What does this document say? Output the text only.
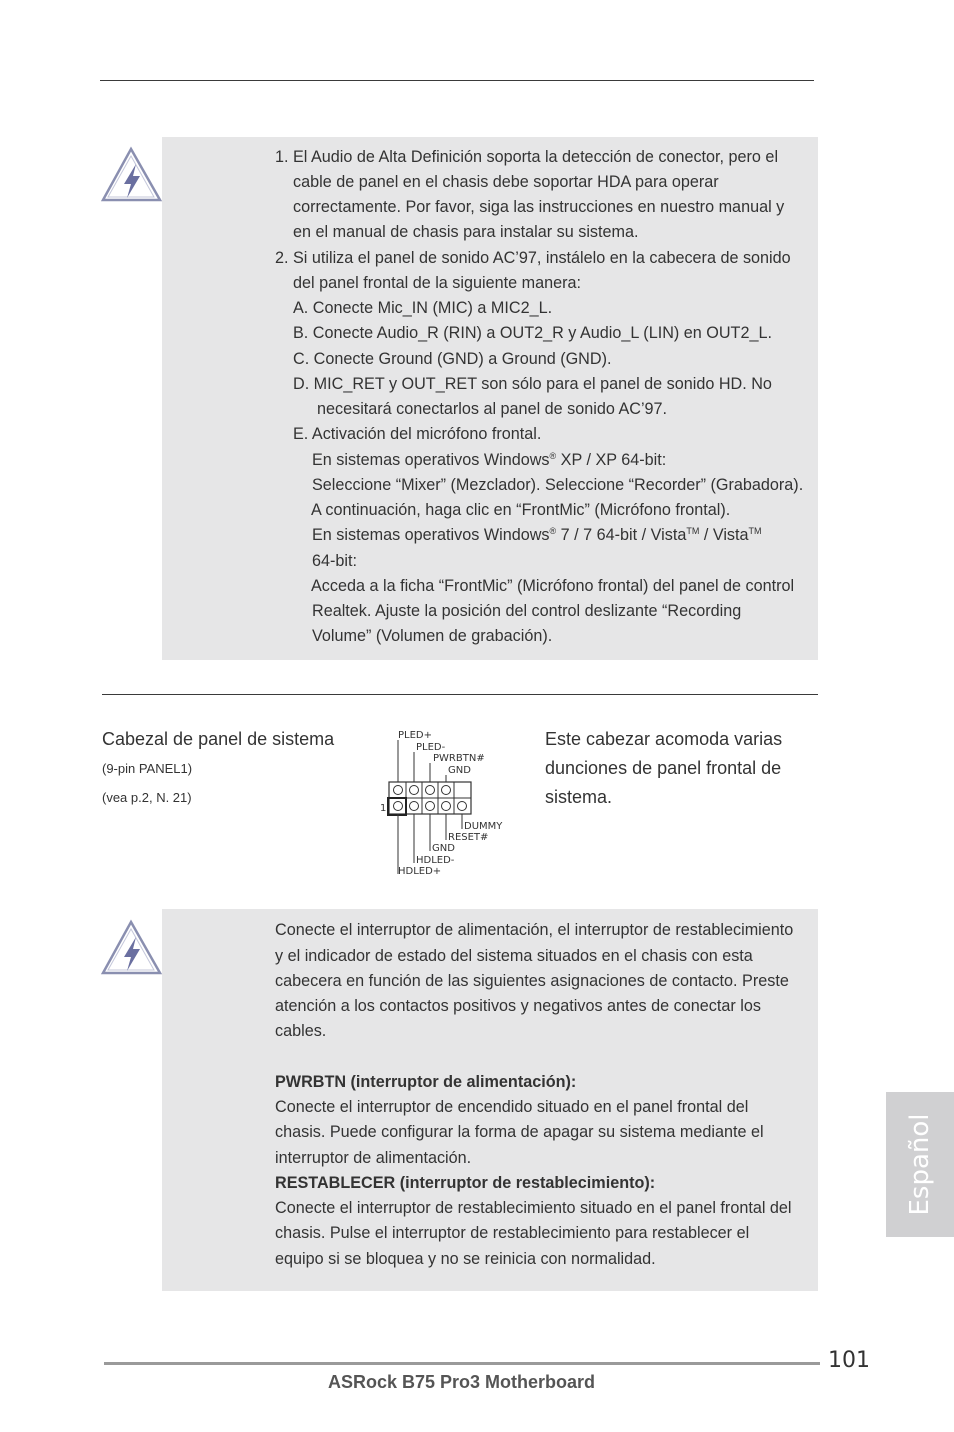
1. El Audio de Alta Definición soporta la detección de conector, pero el
cable de panel en el chasis debe soportar HDA para operar
correctamente. Por favor, siga las instrucciones en nuestro manual y
en el manual de chasis para instalar su sistema.
2. Si utiliza el panel de sonido AC’97, instálelo en la cabecera de sonido
del panel frontal de la siguiente manera:
A. Conecte Mic_IN (MIC) a MIC2_L.
B. Conecte Audio_R (RIN) a OUT2_R y Audio_L (LIN) en OUT2_L.
C. Conecte Ground (GND) a Ground (GND).
D. MIC_RET y OUT_RET son sólo para el panel de sonido HD. No
necesitará conectarlos al panel de sonido AC’97.
E. Activación del micrófono frontal.
En sistemas operativos Windows® XP / XP 64-bit:
Seleccione “Mixer” (Mezclador). Seleccione “Recorder” (Grabadora).
A continuación, haga clic en “FrontMic” (Micrófono frontal).
En sistemas operativos Windows® 7 / 7 64-bit / Vista™ / Vista™
64-bit:
Acceda a la ficha “FrontMic” (Micrófono frontal) del panel de control
Realtek. Ajuste la posición del control deslizante “Recording
Volume” (Volumen de grabación).
Cabezal de panel de sistema
(9-pin PANEL1)
(vea p.2, N. 21)
Este cabezar acomoda varias
dunciones de panel frontal de
sistema.
PLED+
PLED-
PWRBTN#
GND
1
DUMMY
RESET#
GND
HDLED-
HDLED+
Conecte el interruptor de alimentación, el interruptor de restablecimiento
y el indicador de estado del sistema situados en el chasis con esta
cabecera en función de las siguientes asignaciones de contacto. Preste
atención a los contactos positivos y negativos antes de conectar los
cables.
PWRBTN (interruptor de alimentación):
Conecte el interruptor de encendido situado en el panel frontal del
chasis. Puede configurar la forma de apagar su sistema mediante el
interruptor de alimentación.
RESTABLECER (interruptor de restablecimiento):
Conecte el interruptor de restablecimiento situado en el panel frontal del
chasis. Pulse el interruptor de restablecimiento para restablecer el
equipo si se bloquea y no se reinicia con normalidad.
Español
101
ASRock B75 Pro3 Motherboard
